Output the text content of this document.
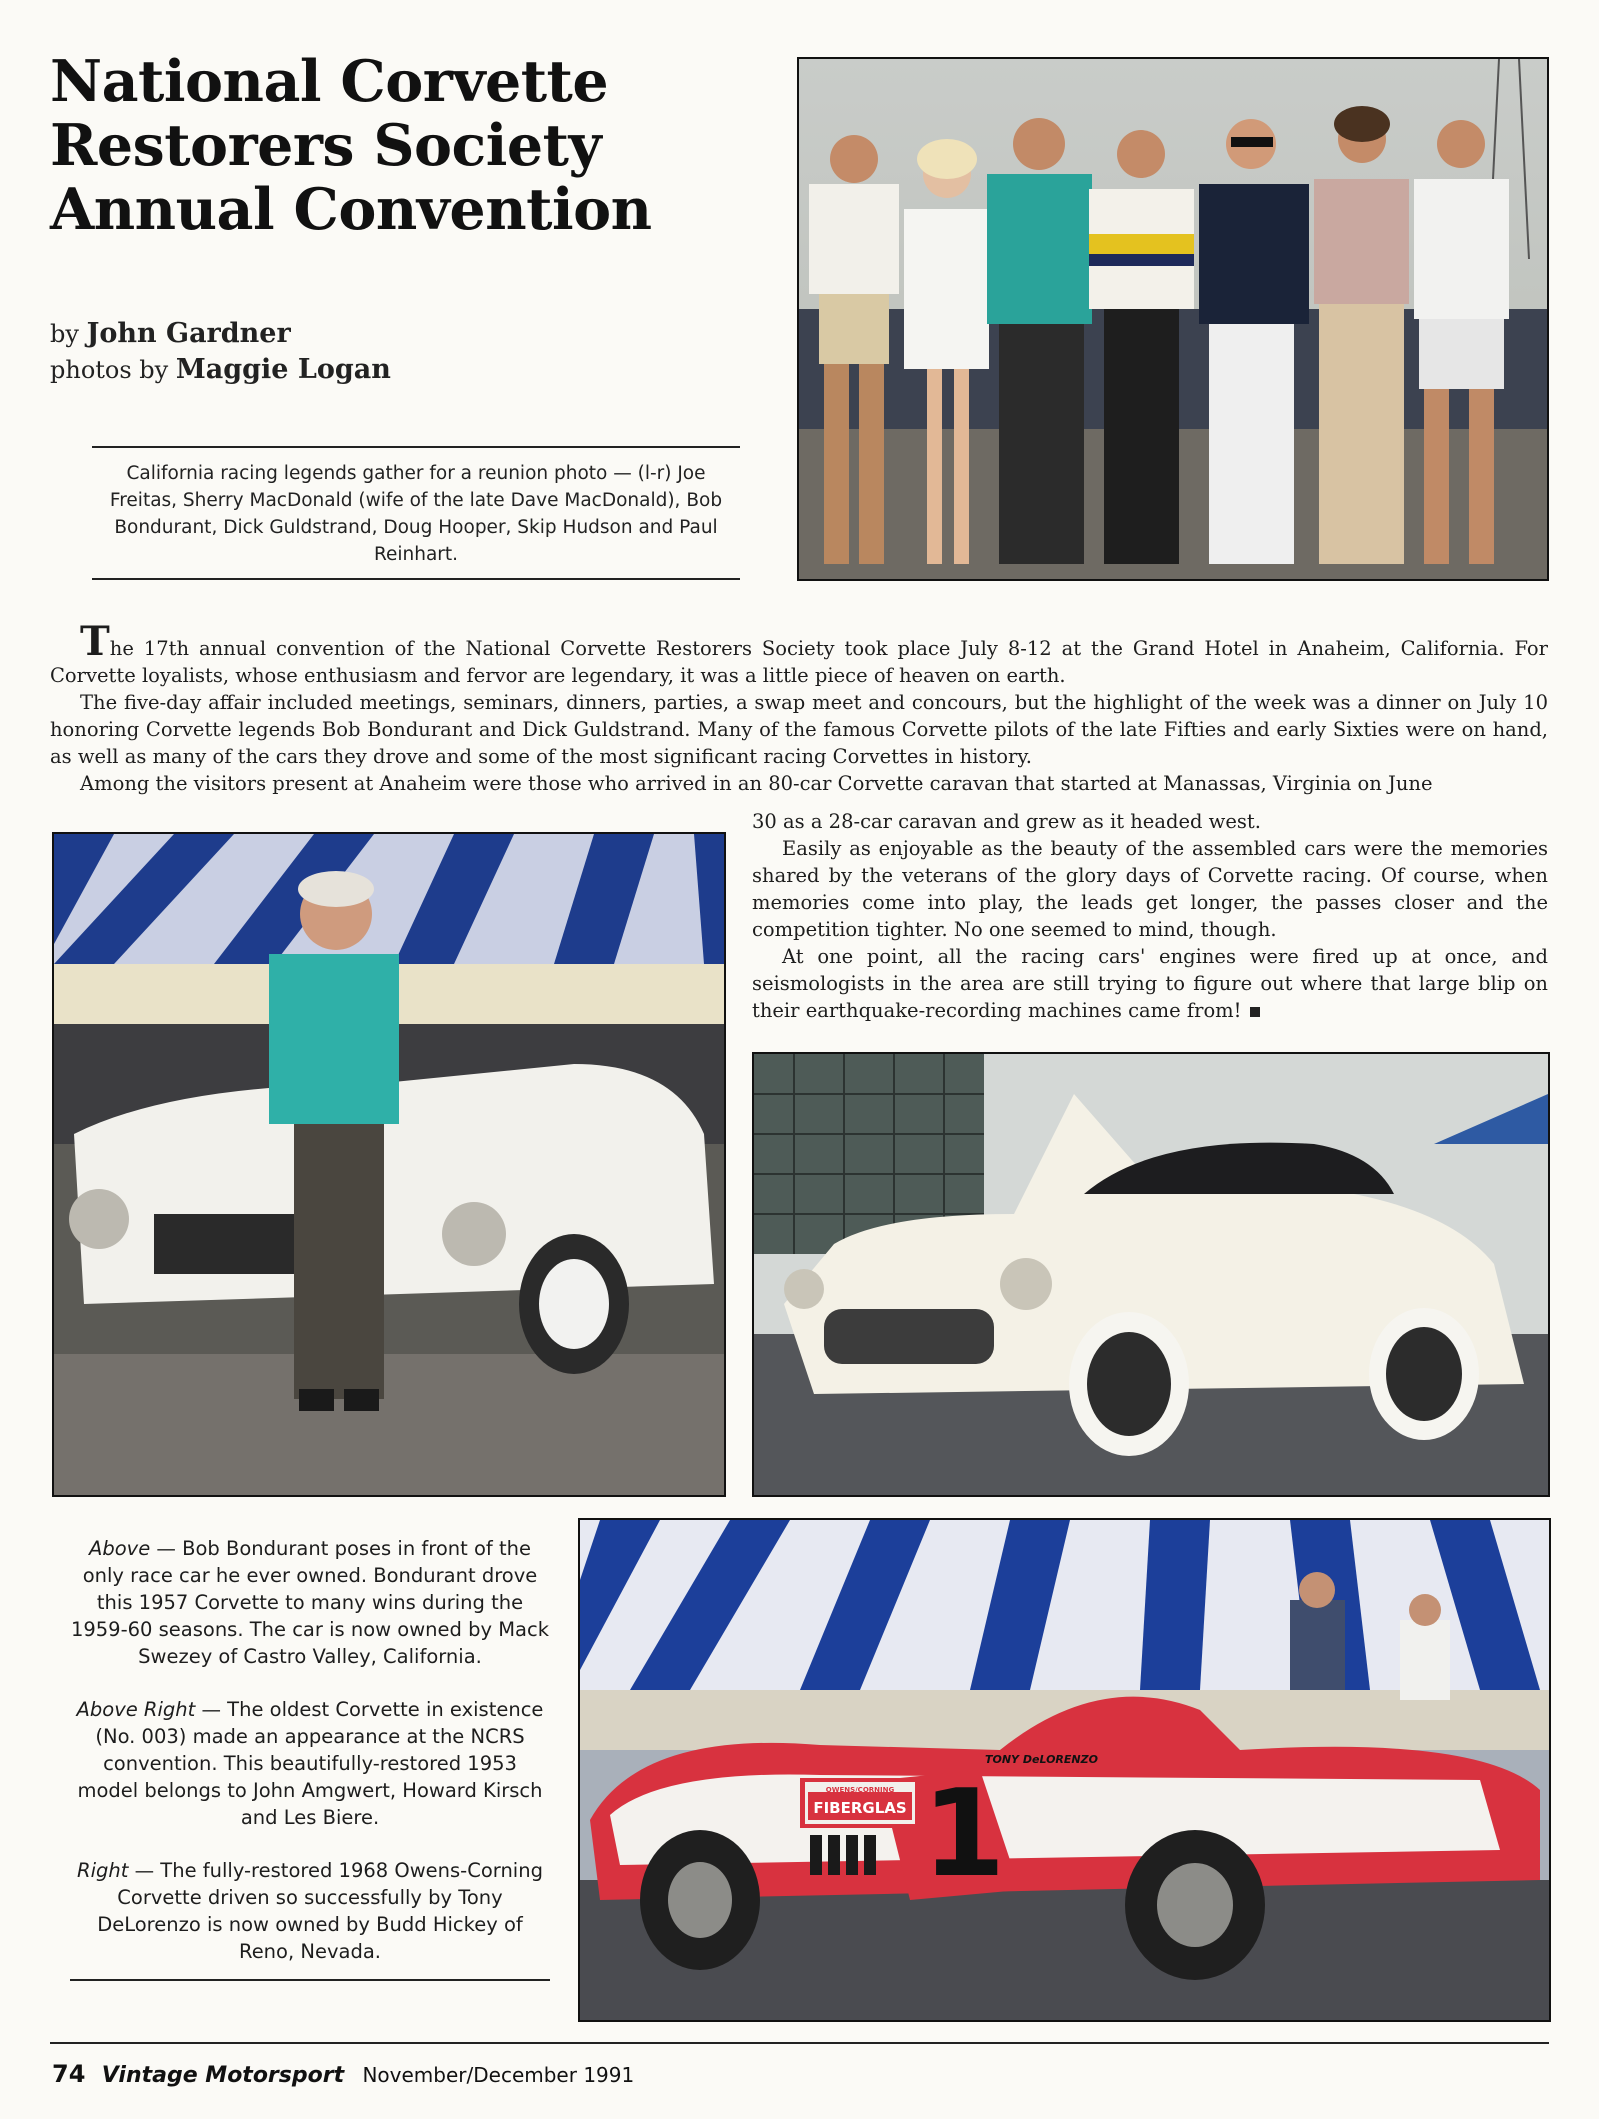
National Corvette
Restorers Society
Annual Convention
by John Gardner
photos by Maggie Logan
California racing legends gather for a reunion photo — (l-r) Joe Freitas, Sherry MacDonald (wife of the late Dave MacDonald), Bob Bondurant, Dick Guldstrand, Doug Hooper, Skip Hudson and Paul Reinhart.

The 17th annual convention of the National Corvette Restorers Society took place July 8-12 at the Grand Hotel in Anaheim, California. For Corvette loyalists, whose enthusiasm and fervor are legendary, it was a little piece of heaven on earth.

The five-day affair included meetings, seminars, dinners, parties, a swap meet and concours, but the highlight of the week was a dinner on July 10 honoring Corvette legends Bob Bondurant and Dick Guldstrand. Many of the famous Corvette pilots of the late Fifties and early Sixties were on hand, as well as many of the cars they drove and some of the most significant racing Corvettes in history.

Among the visitors present at Anaheim were those who arrived in an 80-car Corvette caravan that started at Manassas, Virginia on June

30 as a 28-car caravan and grew as it headed west.

Easily as enjoyable as the beauty of the assembled cars were the memories shared by the veterans of the glory days of Corvette racing. Of course, when memories come into play, the leads get longer, the passes closer and the competition tighter. No one seemed to mind, though.

At one point, all the racing cars' engines were fired up at once, and seismologists in the area are still trying to figure out where that large blip on their earthquake-recording machines came from!

1
TONY DeLORENZO
OWENS/CORNING
FIBERGLAS

Above — Bob Bondurant poses in front of the only race car he ever owned. Bondurant drove this 1957 Corvette to many wins during the 1959-60 seasons. The car is now owned by Mack Swezey of Castro Valley, California.

Above Right — The oldest Corvette in existence (No. 003) made an appearance at the NCRS convention. This beautifully-restored 1953 model belongs to John Amgwert, Howard Kirsch and Les Biere.

Right — The fully-restored 1968 Owens-Corning Corvette driven so successfully by Tony DeLorenzo is now owned by Budd Hickey of Reno, Nevada.

74 Vintage Motorsport November/December 1991
